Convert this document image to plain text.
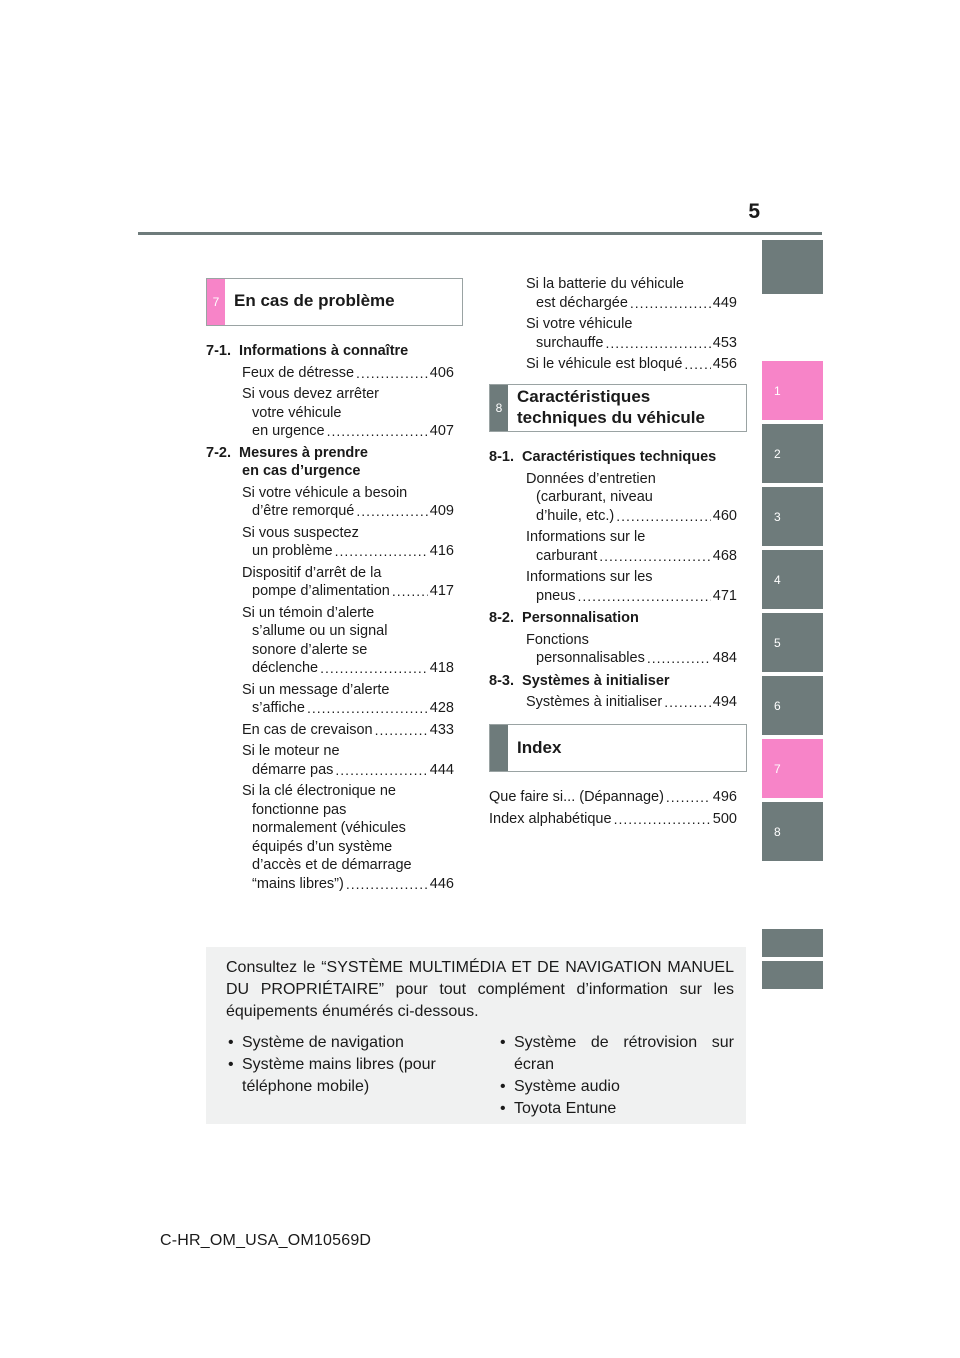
5
1
2
3
4
5
6
7
8
7 En cas de problème
7-1.  Informations à connaître
Feux de détresse .....	406
Si vous devez arrêter
votre véhicule
en urgence .....	407
7-2.  Mesures à prendre
en cas d’urgence
Si votre véhicule a besoin
d’être remorqué .....	409
Si vous suspectez
un problème .....	416
Dispositif d’arrêt de la
pompe d’alimentation .....	417
Si un témoin d’alerte
s’allume ou un signal
sonore d’alerte se
déclenche .....	418
Si un message d’alerte
s’affiche .....	428
En cas de crevaison .....	433
Si le moteur ne
démarre pas .....	444
Si la clé électronique ne
fonctionne pas
normalement (véhicules
équipés d’un système
d’accès et de démarrage
“mains libres”) .....	446
Si la batterie du véhicule
est déchargée .....	449
Si votre véhicule
surchauffe .....	453
Si le véhicule est bloqué ..... 456
8
Caractéristiques
techniques du véhicule
8-1.  Caractéristiques techniques
Données d’entretien
(carburant, niveau
d’huile, etc.) .....	460
Informations sur le
carburant .....	468
Informations sur les
pneus .....	471
8-2.  Personnalisation
Fonctions
personnalisables .....	484
8-3.  Systèmes à initialiser
Systèmes à initialiser .....	494
Index
Que faire si... (Dépannage) .....	496
Index alphabétique .....	500
Consultez le “SYSTÈME MULTIMÉDIA ET DE NAVIGATION MANUEL DU PROPRIÉTAIRE” pour tout complément d’information sur les équipements énumérés ci-dessous.
• Système de navigation
• Système mains libres (pour téléphone mobile)
• Système de rétrovision sur écran
• Système audio
• Toyota Entune
C-HR_OM_USA_OM10569D
